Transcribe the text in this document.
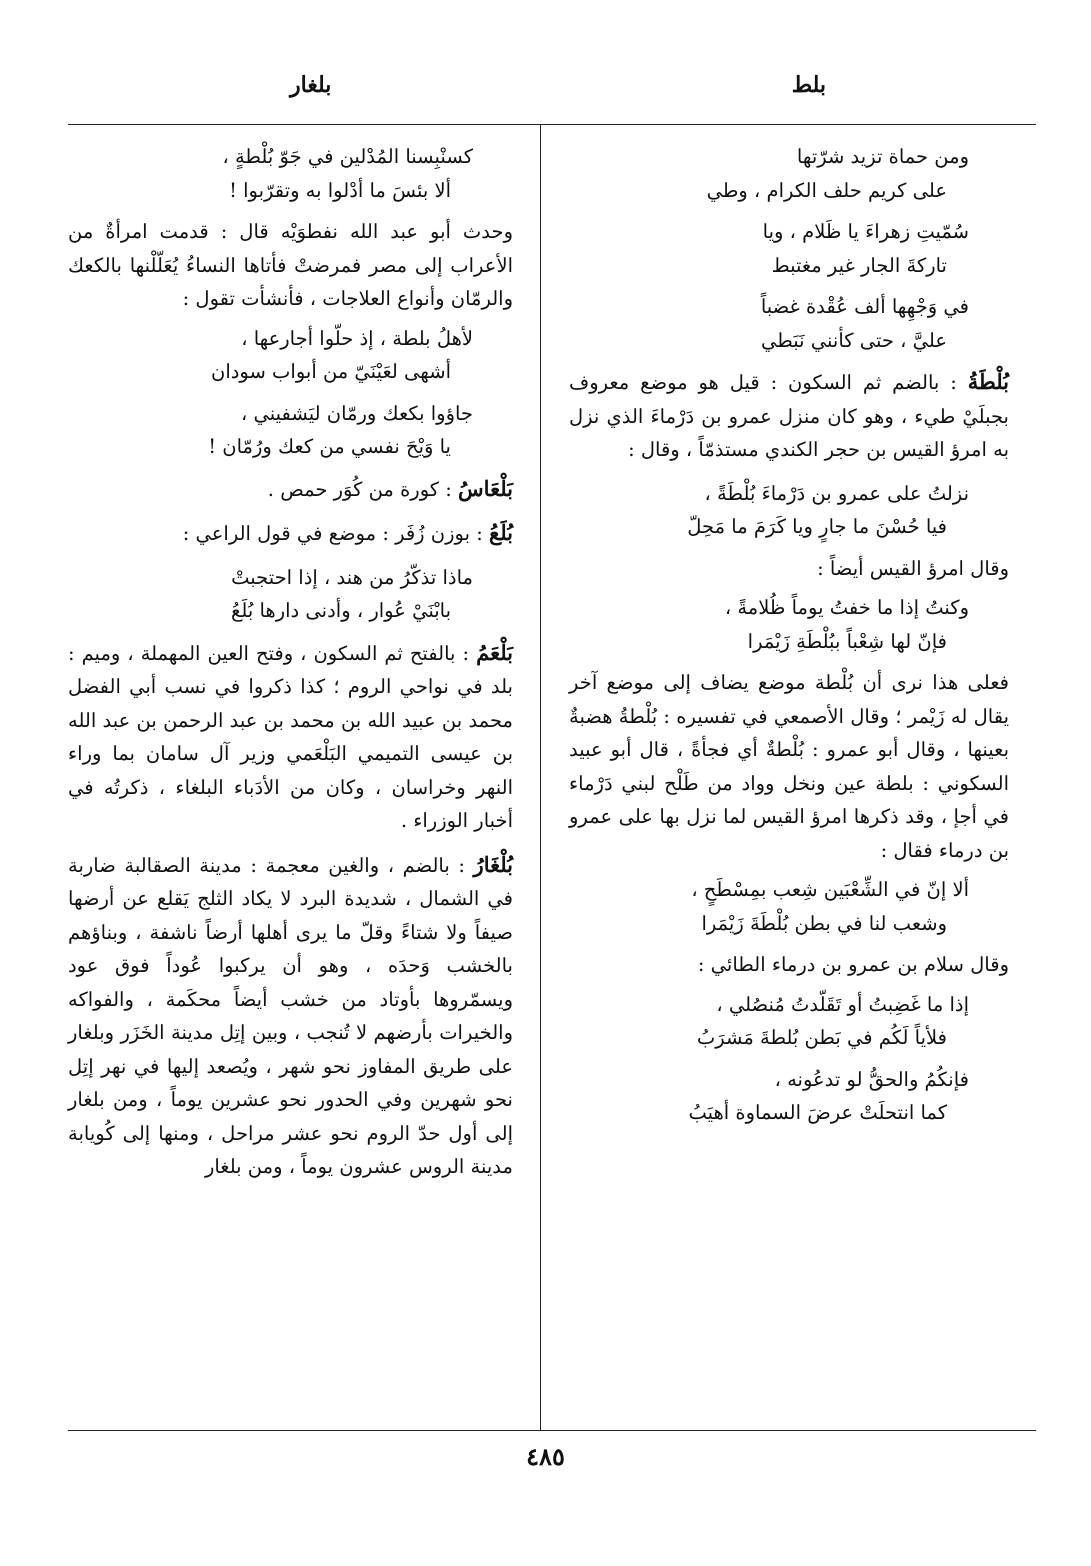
بلط
بلغار
ومن حماة تزيد شرّتها
على كريم حلف الكرام ، وطي
سُمّيتِ زهراءَ يا ظَلام ، ويا
تاركةَ الجار غير مغتبط
في وَجْهِها ألف عُقْدة غضباً
عليَّ ، حتى كأنني نَبَطي

بُلْطَةُ : بالضم ثم السكون : قيل هو موضع معروف بجبلَيْ طيء ، وهو كان منزل عمرو بن دَرْماءَ الذي نزل به امرؤ القيس بن حجر الكندي مستذمّاً ، وقال :

نزلتُ على عمرو بن دَرْماءَ بُلْطَةً ،
فيا حُسْنَ ما جارٍ ويا كَرَمَ ما مَحِلّ

وقال امرؤ القيس أيضاً :

وكنتُ إذا ما خفتُ يوماً ظُلامةً ،
فإنّ لها شِعْباً ببُلْطَةِ زَيْمَرا

فعلى هذا نرى أن بُلْطة موضع يضاف إلى موضع آخر يقال له زَيْمر ؛ وقال الأصمعي في تفسيره : بُلْطةُ هضبةٌ بعينها ، وقال أبو عمرو : بُلْطةٌ أي فجأةً ، قال أبو عبيد السكوني : بلطة عين ونخل وواد من طَلْح لبني دَرْماء في أجإ ، وقد ذكرها امرؤ القيس لما نزل بها على عمرو بن درماء فقال :

ألا إنّ في الشِّعْبَين شِعب بمِسْطَحٍ ،
وشعب لنا في بطن بُلْطَةَ زَيْمَرا

وقال سلام بن عمرو بن درماء الطائي :

إذا ما غَضِبتُ أو تَقَلّدتُ مُنصُلي ،
فلأياً لَكُم في بَطن بُلطةَ مَشرَبُ
فإنكُمُ والحقُّ لو تدعُونه ،
كما انتحلَتْ عرضَ السماوة أهيَبُ
كسنْبِسنا المُدْلين في جَوّ بُلْطةٍ ،
ألا بئسَ ما أدْلوا به وتقرّبوا !

وحدث أبو عبد الله نفطوَيْه قال : قدمت امرأةٌ من الأعراب إلى مصر فمرضتْ فأتاها النساءُ يُعَلّلْنها بالكعك والرمّان وأنواع العلاجات ، فأنشأت تقول :

لأهلُ بلطة ، إذ حلّوا أجارعها ،
أشهى لعَيْنَيّ من أبواب سودان
جاؤوا بكعك ورمّان ليَشفيني ،
يا وَيْحَ نفسي من كعك ورُمّان !

بَلْعَاسُ : كورة من كُوَر حمص .

بُلَعُ : بوزن زُفَر : موضع في قول الراعي :

ماذا تذكّرُ من هند ، إذا احتجبتْ
بابْنَيْ عُوار ، وأدنى دارها بُلَعُ

بَلْعَمُ : بالفتح ثم السكون ، وفتح العين المهملة ، وميم : بلد في نواحي الروم ؛ كذا ذكروا في نسب أبي الفضل محمد بن عبيد الله بن محمد بن عبد الرحمن بن عبد الله بن عيسى التميمي البَلْعَمي وزير آل سامان بما وراء النهر وخراسان ، وكان من الأدَباء البلغاء ، ذكرتُه في أخبار الوزراء .

بُلْغَارُ : بالضم ، والغين معجمة : مدينة الصقالبة ضاربة في الشمال ، شديدة البرد لا يكاد الثلج يَقلع عن أرضها صيفاً ولا شتاءً وقلّ ما يرى أهلها أرضاً ناشفة ، وبناؤهم بالخشب وَحدَه ، وهو أن يركبوا عُوداً فوق عود ويسمّروها بأوتاد من خشب أيضاً محكَمة ، والفواكه والخيرات بأرضهم لا تُنجب ، وبين إتِل مدينة الخَزَر وبلغار على طريق المفاوز نحو شهر ، ويُصعد إليها في نهر إتِل نحو شهرين وفي الحدور نحو عشرين يوماً ، ومن بلغار إلى أول حدّ الروم نحو عشر مراحل ، ومنها إلى كُويابة مدينة الروس عشرون يوماً ، ومن بلغار

٤٨٥
